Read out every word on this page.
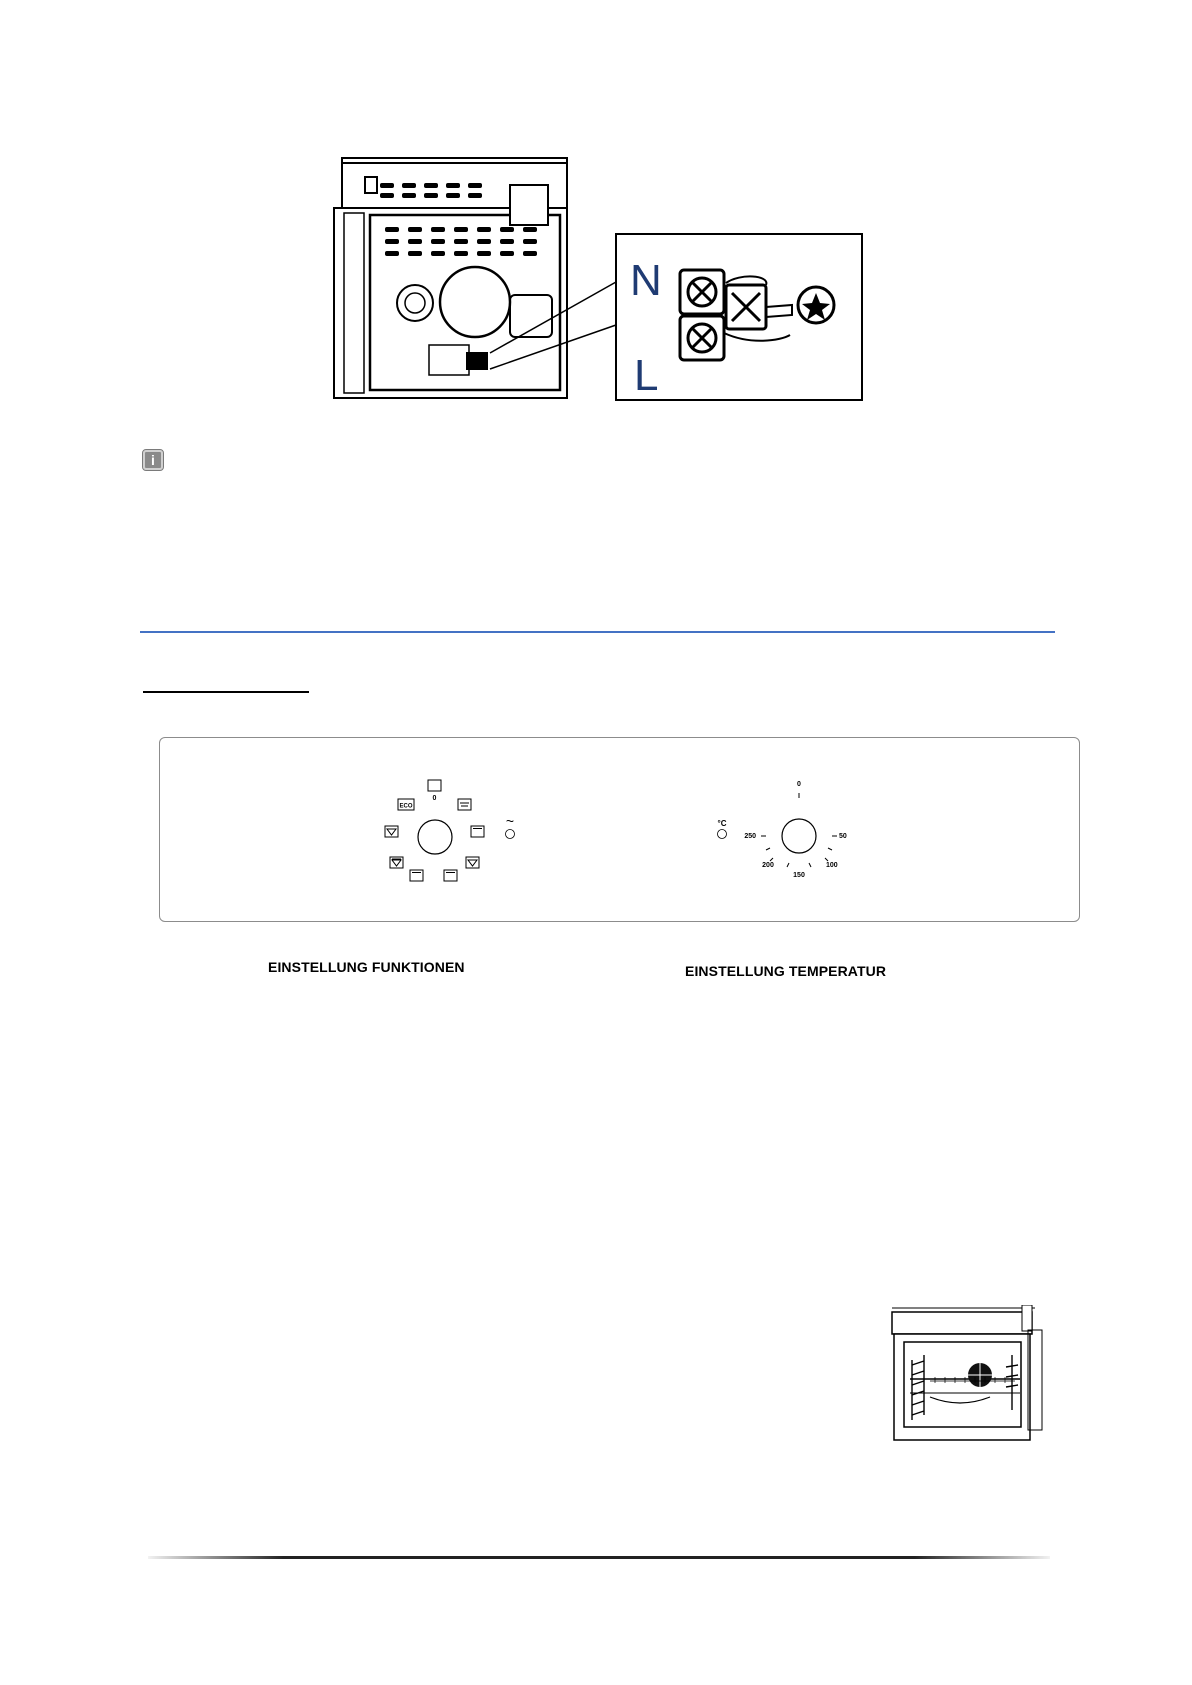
N
L
i
0
ECO
~	°C
0
50
100
150
200
250
EINSTELLUNG FUNKTIONEN	EINSTELLUNG TEMPERATUR
